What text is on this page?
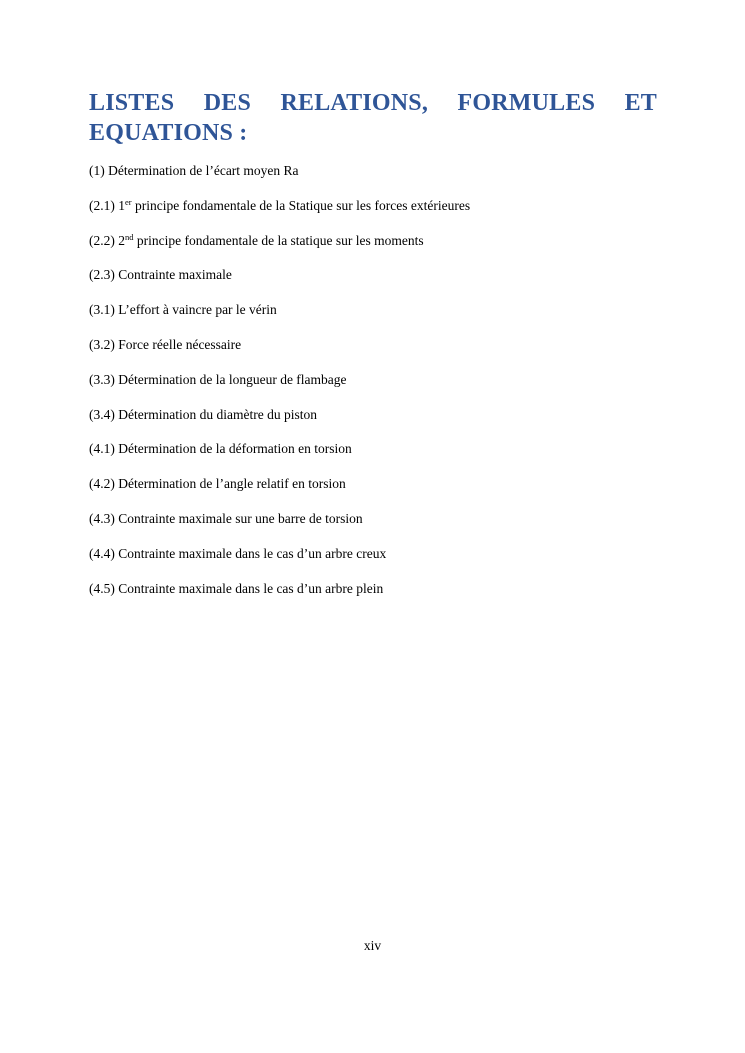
LISTES DES RELATIONS, FORMULES ET
EQUATIONS :
(1) Détermination de l’écart moyen Ra
(2.1) 1er principe fondamentale de la Statique sur les forces extérieures
(2.2) 2nd principe fondamentale de la statique sur les moments
(2.3) Contrainte maximale
(3.1) L’effort à vaincre par le vérin
(3.2) Force réelle nécessaire
(3.3) Détermination de la longueur de flambage
(3.4) Détermination du diamètre du piston
(4.1) Détermination de la déformation en torsion
(4.2) Détermination de l’angle relatif en torsion
(4.3) Contrainte maximale sur une barre de torsion
(4.4) Contrainte maximale dans le cas d’un arbre creux
(4.5) Contrainte maximale dans le cas d’un arbre plein
xiv
